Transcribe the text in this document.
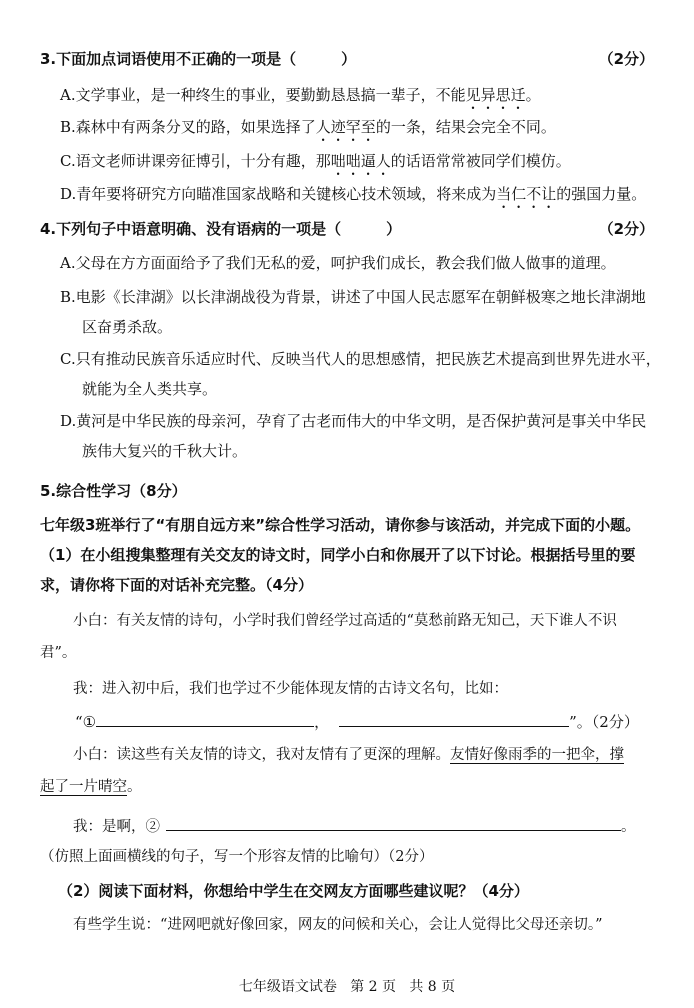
3.下面加点词语使用不正确的一项是（　　　）	（2分）
A.文学事业，是一种终生的事业，要勤勤恳恳搞一辈子，不能见异思迁。
B.森林中有两条分叉的路，如果选择了人迹罕至的一条，结果会完全不同。
C.语文老师讲课旁征博引，十分有趣，那咄咄逼人的话语常常被同学们模仿。
D.青年要将研究方向瞄准国家战略和关键核心技术领域，将来成为当仁不让的强国力量。
4.下列句子中语意明确、没有语病的一项是（　　　）	（2分）
A.父母在方方面面给予了我们无私的爱，呵护我们成长，教会我们做人做事的道理。
B.电影《长津湖》以长津湖战役为背景，讲述了中国人民志愿军在朝鲜极寒之地长津湖地
区奋勇杀敌。
C.只有推动民族音乐适应时代、反映当代人的思想感情，把民族艺术提高到世界先进水平，
就能为全人类共享。
D.黄河是中华民族的母亲河，孕育了古老而伟大的中华文明，是否保护黄河是事关中华民
族伟大复兴的千秋大计。
5.综合性学习（8分）
七年级3班举行了“有朋自远方来”综合性学习活动，请你参与该活动，并完成下面的小题。
（1）在小组搜集整理有关交友的诗文时，同学小白和你展开了以下讨论。根据括号里的要
求，请你将下面的对话补充完整。（4分）
小白：有关友情的诗句，小学时我们曾经学过高适的“莫愁前路无知己，天下谁人不识
君”。
我：进入初中后，我们也学过不少能体现友情的古诗文名句，比如：
“①	，	”。（2分）
小白：读这些有关友情的诗文，我对友情有了更深的理解。友情好像雨季的一把伞，撑
起了一片晴空。
我：是啊，②	。
（仿照上面画横线的句子，写一个形容友情的比喻句）（2分）
（2）阅读下面材料，你想给中学生在交网友方面哪些建议呢？（4分）
有些学生说：“进网吧就好像回家，网友的问候和关心，会让人觉得比父母还亲切。”
七年级语文试卷 第 2 页 共 8 页
